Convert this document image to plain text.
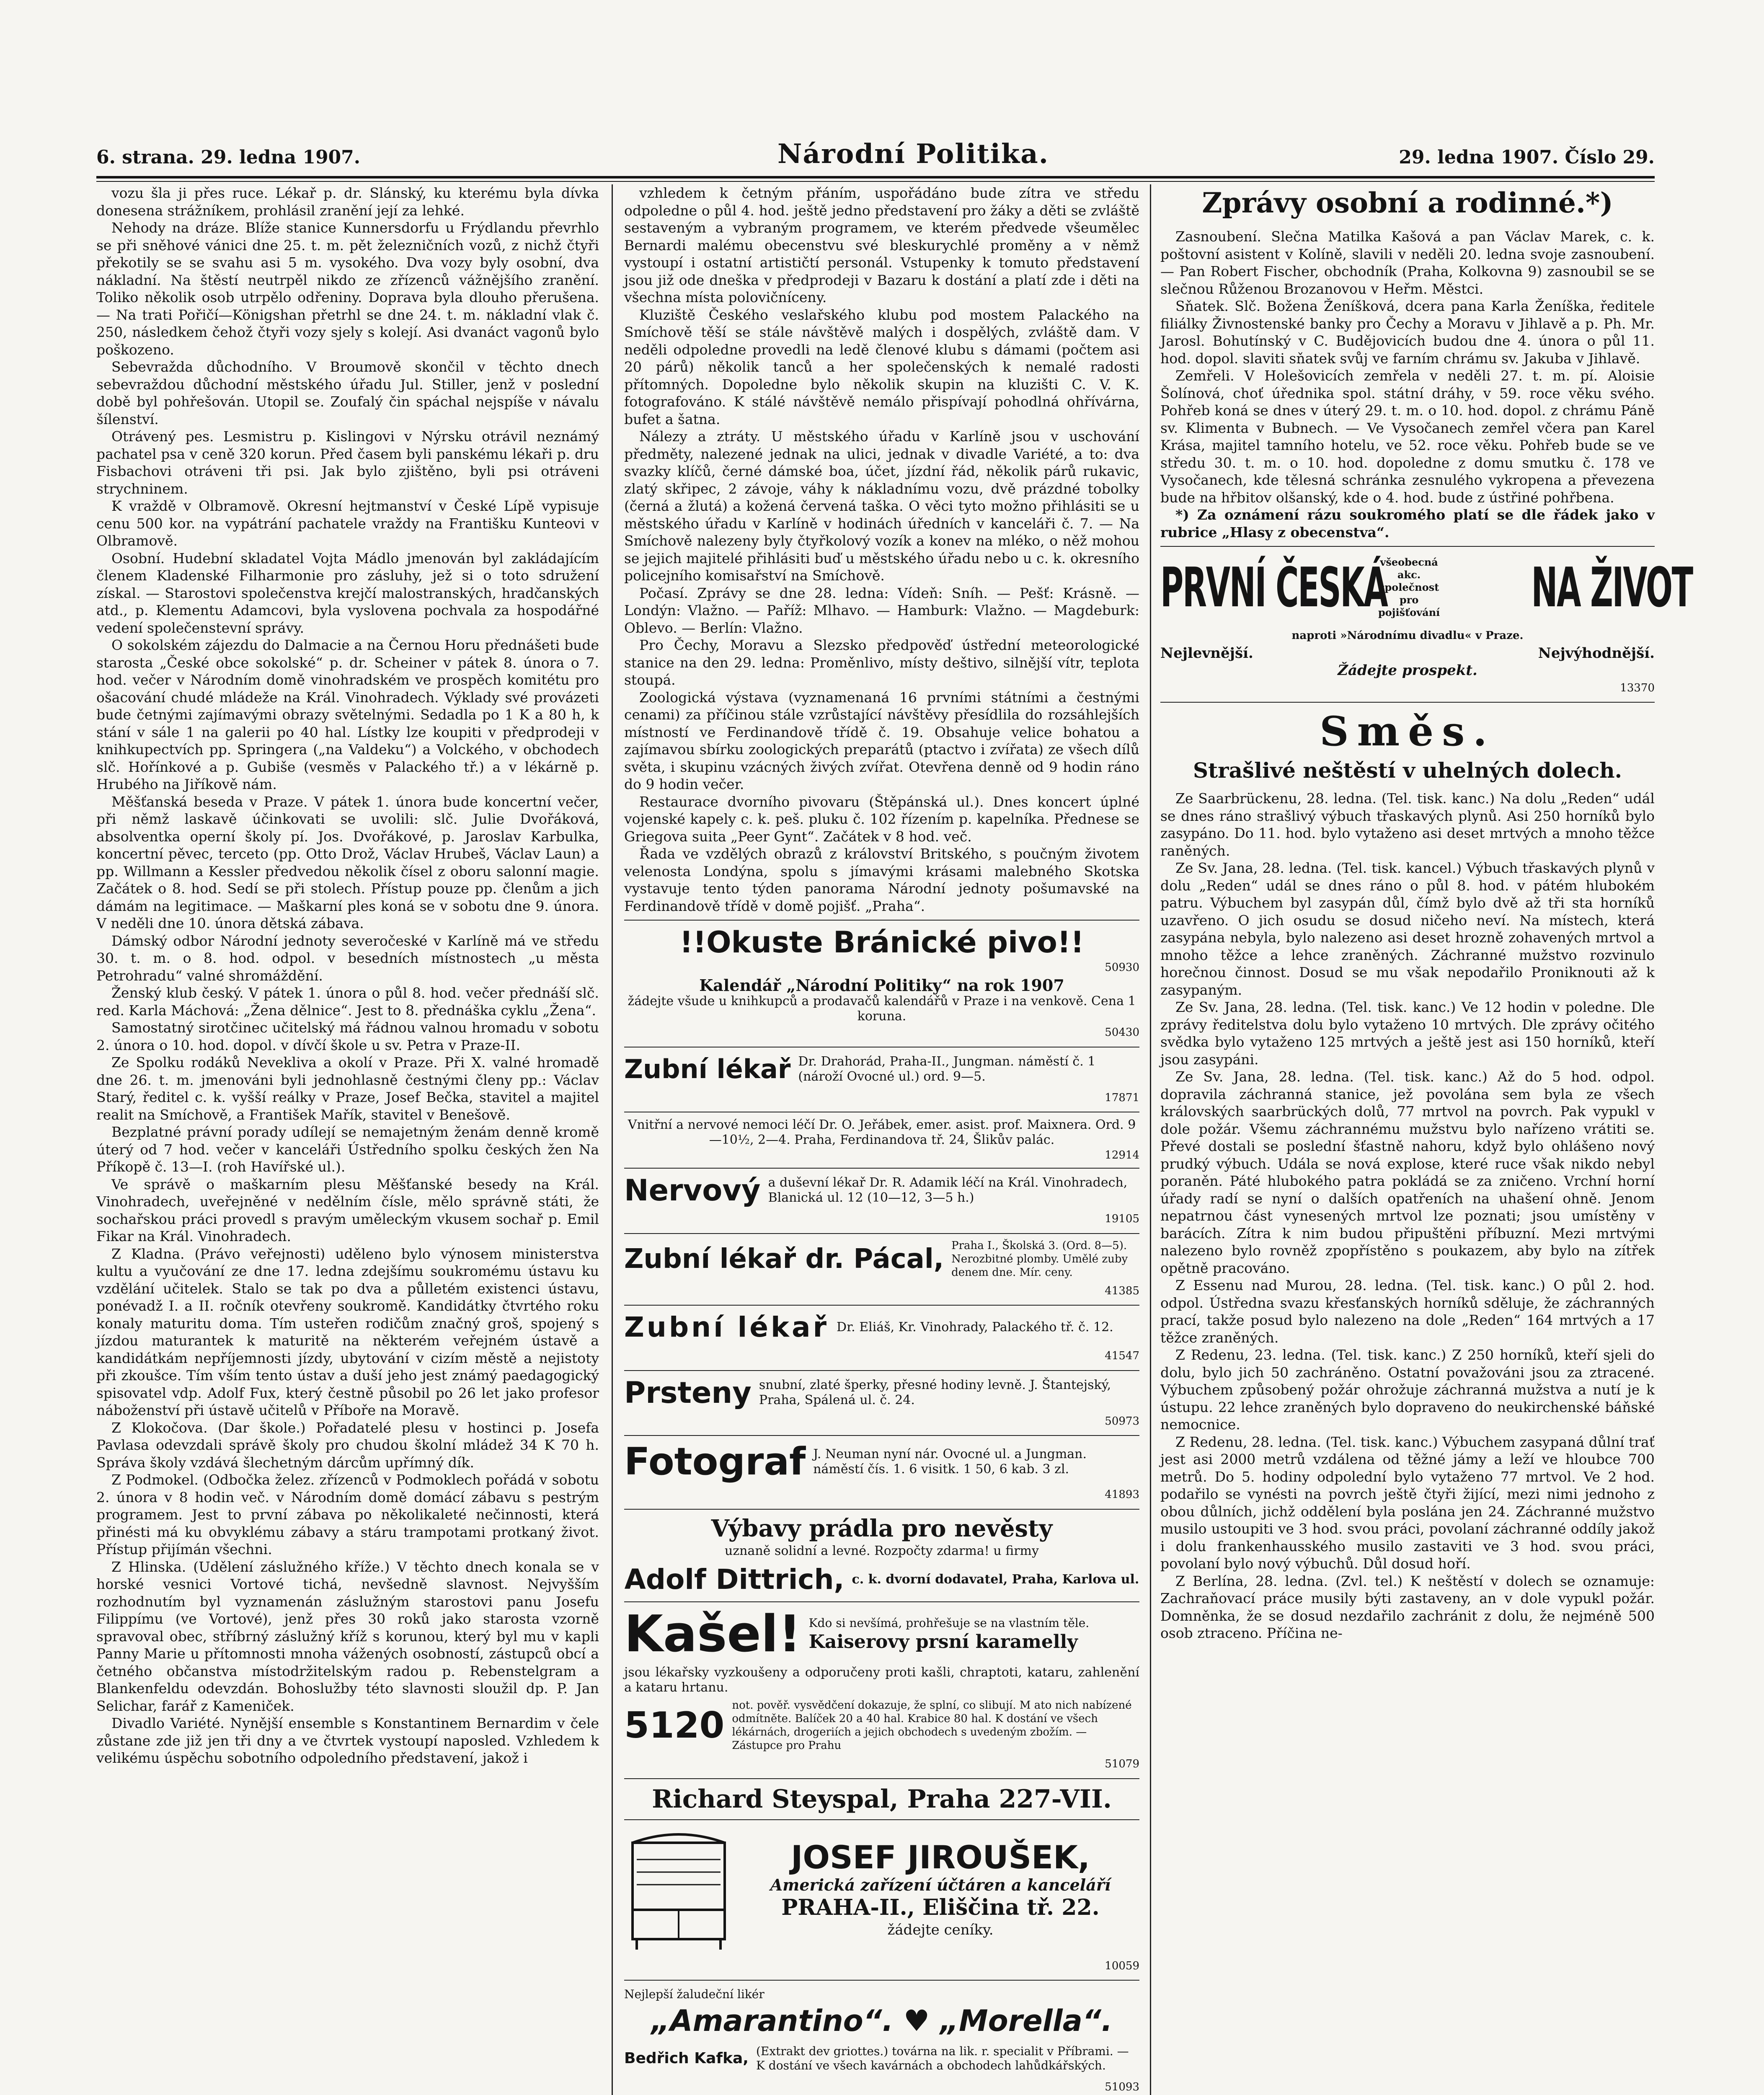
6. strana. 29. ledna 1907.	Národní Politika.	29. ledna 1907. Číslo 29.

vozu šla ji přes ruce. Lékař p. dr. Slánský, ku kterému byla dívka donesena strážníkem, prohlásil zranění její za lehké.

Nehody na dráze. Blíže stanice Kunnersdorfu u Frýdlandu převrhlo se při sněhové vánici dne 25. t. m. pět železničních vozů, z nichž čtyři překotily se se svahu asi 5 m. vysokého. Dva vozy byly osobní, dva nákladní. Na štěstí neutrpěl nikdo ze zřízenců vážnějšího zranění. Toliko několik osob utrpělo odřeniny. Doprava byla dlouho přerušena. — Na trati Pořičí—Königshan přetrhl se dne 24. t. m. nákladní vlak č. 250, následkem čehož čtyři vozy sjely s kolejí. Asi dvanáct vagonů bylo poškozeno.

Sebevražda důchodního. V Broumově skončil v těchto dnech sebevraždou důchodní městského úřadu Jul. Stiller, jenž v poslední době byl pohřešován. Utopil se. Zoufalý čin spáchal nejspíše v návalu šílenství.

Otrávený pes. Lesmistru p. Kislingovi v Nýrsku otrávil neznámý pachatel psa v ceně 320 korun. Před časem byli panskému lékaři p. dru Fisbachovi otráveni tři psi. Jak bylo zjištěno, byli psi otráveni strychninem.

K vraždě v Olbramově. Okresní hejtmanství v České Lípě vypisuje cenu 500 kor. na vypátrání pachatele vraždy na Františku Kunteovi v Olbramově.

Osobní. Hudební skladatel Vojta Mádlo jmenován byl zakládajícím členem Kladenské Filharmonie pro zásluhy, jež si o toto sdružení získal. — Starostovi společenstva krejčí malostranských, hradčanských atd., p. Klementu Adamcovi, byla vyslovena pochvala za hospodářné vedení společenstevní správy.

O sokolském zájezdu do Dalmacie a na Černou Horu přednášeti bude starosta „České obce sokolské“ p. dr. Scheiner v pátek 8. února o 7. hod. večer v Národním domě vinohradském ve prospěch komitétu pro ošacování chudé mládeže na Král. Vinohradech. Výklady své provázeti bude četnými zajímavými obrazy světelnými. Sedadla po 1 K a 80 h, k stání v sále 1 na galerii po 40 hal. Lístky lze koupiti v předprodeji v knihkupectvích pp. Springera („na Valdeku“) a Volckého, v obchodech slč. Hořínkové a p. Gubiše (vesměs v Palackého tř.) a v lékárně p. Hrubého na Jiříkově nám.

Měšťanská beseda v Praze. V pátek 1. února bude koncertní večer, při němž laskavě účinkovati se uvolili: slč. Julie Dvořáková, absolventka operní školy pí. Jos. Dvořákové, p. Jaroslav Karbulka, koncertní pěvec, terceto (pp. Otto Drož, Václav Hrubeš, Václav Laun) a pp. Willmann a Kessler předvedou několik čísel z oboru salonní magie. Začátek o 8. hod. Sedí se při stolech. Přístup pouze pp. členům a jich dámám na legitimace. — Maškarní ples koná se v sobotu dne 9. února. V neděli dne 10. února dětská zábava.

Dámský odbor Národní jednoty severočeské v Karlíně má ve středu 30. t. m. o 8. hod. odpol. v besedních místnostech „u města Petrohradu“ valné shromáždění.

Ženský klub český. V pátek 1. února o půl 8. hod. večer přednáší slč. red. Karla Máchová: „Žena dělnice“. Jest to 8. přednáška cyklu „Žena“.

Samostatný sirotčinec učitelský má řádnou valnou hromadu v sobotu 2. února o 10. hod. dopol. v dívčí škole u sv. Petra v Praze-II.

Ze Spolku rodáků Nevekliva a okolí v Praze. Při X. valné hromadě dne 26. t. m. jmenováni byli jednohlasně čestnými členy pp.: Václav Starý, ředitel c. k. vyšší reálky v Praze, Josef Bečka, stavitel a majitel realit na Smíchově, a František Mařík, stavitel v Benešově.

Bezplatné právní porady udílejí se nemajetným ženám denně kromě úterý od 7 hod. večer v kanceláři Ústředního spolku českých žen Na Příkopě č. 13—I. (roh Havířské ul.).

Ve správě o maškarním plesu Měšťanské besedy na Král. Vinohradech, uveřejněné v nedělním čísle, mělo správně státi, že sochařskou práci provedl s pravým uměleckým vkusem sochař p. Emil Fikar na Král. Vinohradech.

Z Kladna. (Právo veřejnosti) uděleno bylo výnosem ministerstva kultu a vyučování ze dne 17. ledna zdejšímu soukromému ústavu ku vzdělání učitelek. Stalo se tak po dva a půlletém existenci ústavu, ponévadž I. a II. ročník otevřeny soukromě. Kandidátky čtvrtého roku konaly maturitu doma. Tím usteřen rodičům značný groš, spojený s jízdou maturantek k maturitě na některém veřejném ústavě a kandidátkám nepříjemnosti jízdy, ubytování v cizím městě a nejistoty při zkoušce. Tím vším tento ústav a duší jeho jest známý paedagogický spisovatel vdp. Adolf Fux, který čestně působil po 26 let jako profesor náboženství při ústavě učitelů v Příboře na Moravě.

Z Klokočova. (Dar škole.) Pořadatelé plesu v hostinci p. Josefa Pavlasa odevzdali správě školy pro chudou školní mládež 34 K 70 h. Správa školy vzdává šlechetným dárcům upřímný dík.

Z Podmokel. (Odbočka želez. zřízenců v Podmoklech pořádá v sobotu 2. února v 8 hodin več. v Národním domě domácí zábavu s pestrým programem. Jest to první zábava po několikaleté nečinnosti, která přinésti má ku obvyklému zábavy a stáru trampotami protkaný život. Přístup přijímán všechni.

Z Hlinska. (Udělení záslužného kříže.) V těchto dnech konala se v horské vesnici Vortové tichá, nevšedně slavnost. Nejvyšším rozhodnutím byl vyznamenán záslužným starostovi panu Josefu Filippímu (ve Vortové), jenž přes 30 roků jako starosta vzorně spravoval obec, stříbrný záslužný kříž s korunou, který byl mu v kapli Panny Marie u přítomnosti mnoha vážených osobností, zástupců obcí a četného občanstva místodržitelským radou p. Rebenstelgram a Blankenfeldu odevzdán. Bohoslužby této slavnosti sloužil dp. P. Jan Selichar, farář z Kameniček.

Divadlo Variété. Nynější ensemble s Konstantinem Bernardim v čele zůstane zde již jen tři dny a ve čtvrtek vystoupí naposled. Vzhledem k velikému úspěchu sobotního odpoledního představení, jakož i

vzhledem k četným přáním, uspořádáno bude zítra ve středu odpoledne o půl 4. hod. ještě jedno představení pro žáky a děti se zvláště sestaveným a vybraným programem, ve kterém předvede všeumělec Bernardi malému obecenstvu své bleskurychlé proměny a v němž vystoupí i ostatní artističtí personál. Vstupenky k tomuto představení jsou již ode dneška v předprodeji v Bazaru k dostání a platí zde i děti na všechna místa polovičníceny.

Kluziště Českého veslařského klubu pod mostem Palackého na Smíchově těší se stále návštěvě malých i dospělých, zvláště dam. V neděli odpoledne provedli na ledě členové klubu s dámami (počtem asi 20 párů) několik tanců a her společenských k nemalé radosti přítomných. Dopoledne bylo několik skupin na kluzišti C. V. K. fotografováno. K stálé návštěvě nemálo přispívají pohodlná ohřívárna, bufet a šatna.

Nálezy a ztráty. U městského úřadu v Karlíně jsou v uschování předměty, nalezené jednak na ulici, jednak v divadle Variété, a to: dva svazky klíčů, černé dámské boa, účet, jízdní řád, několik párů rukavic, zlatý skřipec, 2 závoje, váhy k nákladnímu vozu, dvě prázdné tobolky (černá a žlutá) a kožená červená taška. O věci tyto možno přihlásiti se u městského úřadu v Karlíně v hodinách úředních v kanceláři č. 7. — Na Smíchově nalezeny byly čtyřkolový vozík a konev na mléko, o něž mohou se jejich majitelé přihlásiti buď u městského úřadu nebo u c. k. okresního policejního komisařství na Smíchově.

Počasí. Zprávy se dne 28. ledna: Vídeň: Sníh. — Pešť: Krásně. — Londýn: Vlažno. — Paříž: Mlhavo. — Hamburk: Vlažno. — Magdeburk: Oblevo. — Berlín: Vlažno.

Pro Čechy, Moravu a Slezsko předpověď ústřední meteorologické stanice na den 29. ledna: Proměnlivo, místy deštivo, silnější vítr, teplota stoupá.

Zoologická výstava (vyznamenaná 16 prvními státními a čestnými cenami) za příčinou stále vzrůstající návštěvy přesídlila do rozsáhlejších místností ve Ferdinandově třídě č. 19. Obsahuje velice bohatou a zajímavou sbírku zoologických preparátů (ptactvo i zvířata) ze všech dílů světa, i skupinu vzácných živých zvířat. Otevřena denně od 9 hodin ráno do 9 hodin večer.

Restaurace dvorního pivovaru (Štěpánská ul.). Dnes koncert úplné vojenské kapely c. k. peš. pluku č. 102 řízením p. kapelníka. Přednese se Griegova suita „Peer Gynt“. Začátek v 8 hod. več.

Řada ve vzdělých obrazů z království Britského, s poučným životem velenosta Londýna, spolu s jímavými krásami malebného Skotska vystavuje tento týden panorama Národní jednoty pošumavské na Ferdinandově třídě v domě pojišť. „Praha“.

!!Okuste Bránické pivo!!
50930
Kalendář „Národní Politiky“ na rok 1907
žádejte všude u knihkupců a prodavačů kalendářů v Praze i na venkově. Cena 1 koruna.
50430
Zubní lékař Dr. Drahorád, Praha-II., Jungman. náměstí č. 1 (nároží Ovocné ul.) ord. 9—5.
17871
Vnitřní a nervové nemoci léčí Dr. O. Jeřábek, emer. asist. prof. Maixnera. Ord. 9—10½, 2—4. Praha, Ferdinandova tř. 24, Šlikův palác.
12914
Nervový a duševní lékař Dr. R. Adamik léčí na Král. Vinohradech, Blanická ul. 12 (10—12, 3—5 h.)
19105
Zubní lékař dr. Pácal, Praha I., Školská 3. (Ord. 8—5). Nerozbitné plomby. Umělé zuby denem dne. Mír. ceny.
41385
Zubní lékař Dr. Eliáš, Kr. Vinohrady, Palackého tř. č. 12.
41547
Prsteny snubní, zlaté šperky, přesné hodiny levně. J. Štantejský, Praha, Spálená ul. č. 24.
50973
Fotograf J. Neuman nyní nár. Ovocné ul. a Jungman. náměstí čís. 1. 6 visitk. 1 50, 6 kab. 3 zl.
41893
Výbavy prádla pro nevěsty
uznaně solidní a levné. Rozpočty zdarma! u firmy
Adolf Dittrich, c. k. dvorní dodavatel, Praha, Karlova ul.
Kašel! Kdo si nevšímá, prohřešuje se na vlastním těle.
Kaiserovy prsní karamelly
jsou lékařsky vyzkoušeny a odporučeny proti kašli, chraptoti, kataru, zahlenění a kataru hrtanu.
5120 not. pověř. vysvědčení dokazuje, že splní, co slibují. M ato nich nabízené odmítněte. Balíček 20 a 40 hal. Krabice 80 hal. K dostání ve všech lékárnách, drogeriích a jejich obchodech s uvedeným zbožím. — Zástupce pro Prahu
51079
Richard Steyspal, Praha 227-VII.
JOSEF JIROUŠEK,
Americká zařízení účtáren a kanceláří
PRAHA-II., Eliščina tř. 22.
žádejte ceníky.
10059
Nejlepší žaludeční likér
„Amarantino“. ♥ „Morella“.
Bedřich Kafka, (Extrakt dev griottes.) továrna na lik. r. specialit v Příbrami. — K dostání ve všech kavárnách a obchodech lahůdkářských.
51093
Zprávy osobní a rodinné.*)

Zasnoubení. Slečna Matilka Kašová a pan Václav Marek, c. k. poštovní asistent v Kolíně, slavili v neděli 20. ledna svoje zasnoubení. — Pan Robert Fischer, obchodník (Praha, Kolkovna 9) zasnoubil se se slečnou Růženou Brozanovou v Heřm. Městci.

Sňatek. Slč. Božena Ženíšková, dcera pana Karla Ženíška, ředitele filiálky Živnostenské banky pro Čechy a Moravu v Jihlavě a p. Ph. Mr. Jarosl. Bohutínský v C. Budějovicích budou dne 4. února o půl 11. hod. dopol. slaviti sňatek svůj ve farním chrámu sv. Jakuba v Jihlavě.

Zemřeli. V Holešovicích zemřela v neděli 27. t. m. pí. Aloisie Šolínová, choť úřednika spol. státní dráhy, v 59. roce věku svého. Pohřeb koná se dnes v úterý 29. t. m. o 10. hod. dopol. z chrámu Páně sv. Klimenta v Bubnech. — Ve Vysočanech zemřel včera pan Karel Krása, majitel tamního hotelu, ve 52. roce věku. Pohřeb bude se ve středu 30. t. m. o 10. hod. dopoledne z domu smutku č. 178 ve Vysočanech, kde tělesná schránka zesnulého vykropena a převezena bude na hřbitov olšanský, kde o 4. hod. bude z ústřiné pohřbena.

*) Za oznámení rázu soukromého platí se dle řádek jako v rubrice „Hlasy z obecenstva“.

PRVNÍ ČESKÁ
všeobecná akc. společnost pro pojišťování NA ŽIVOT
naproti »Národnímu divadlu« v Praze.
Nejlevnější.	Nejvýhodnější.
Žádejte prospekt.
13370
Směs.
Strašlivé neštěstí v uhelných dolech.

Ze Saarbrückenu, 28. ledna. (Tel. tisk. kanc.) Na dolu „Reden“ udál se dnes ráno strašlivý výbuch třaskavých plynů. Asi 250 horníků bylo zasypáno. Do 11. hod. bylo vytaženo asi deset mrtvých a mnoho těžce raněných.

Ze Sv. Jana, 28. ledna. (Tel. tisk. kancel.) Výbuch třaskavých plynů v dolu „Reden“ udál se dnes ráno o půl 8. hod. v pátém hlubokém patru. Výbuchem byl zasypán důl, čímž bylo dvě až tři sta horníků uzavřeno. O jich osudu se dosud ničeho neví. Na místech, která zasypána nebyla, bylo nalezeno asi deset hrozně zohavených mrtvol a mnoho těžce a lehce zraněných. Záchranné mužstvo rozvinulo horečnou činnost. Dosud se mu však nepodařilo Proniknouti až k zasypaným.

Ze Sv. Jana, 28. ledna. (Tel. tisk. kanc.) Ve 12 hodin v poledne. Dle zprávy ředitelstva dolu bylo vytaženo 10 mrtvých. Dle zprávy očitého svědka bylo vytaženo 125 mrtvých a ještě jest asi 150 horníků, kteří jsou zasypáni.

Ze Sv. Jana, 28. ledna. (Tel. tisk. kanc.) Až do 5 hod. odpol. dopravila záchranná stanice, jež povolána sem byla ze všech královských saarbrückých dolů, 77 mrtvol na povrch. Pak vypukl v dole požár. Všemu záchrannému mužstvu bylo nařízeno vrátiti se. Převé dostali se poslední šťastně nahoru, když bylo ohlášeno nový prudký výbuch. Udála se nová explose, které ruce však nikdo nebyl poraněn. Páté hlubokého patra pokládá se za zničeno. Vrchní horní úřady radí se nyní o dalších opatřeních na uhašení ohně. Jenom nepatrnou část vynesených mrtvol lze poznati; jsou umístěny v barácích. Zítra k nim budou připuštěni příbuzní. Mezi mrtvými nalezeno bylo rovněž zpopřístěno s poukazem, aby bylo na zítřek opětně pracováno.

Z Essenu nad Murou, 28. ledna. (Tel. tisk. kanc.) O půl 2. hod. odpol. Ústředna svazu křesťanských horníků sděluje, že záchranných prací, takže posud bylo nalezeno na dole „Reden“ 164 mrtvých a 17 těžce zraněných.

Z Redenu, 23. ledna. (Tel. tisk. kanc.) Z 250 horníků, kteří sjeli do dolu, bylo jich 50 zachráněno. Ostatní považováni jsou za ztracené. Výbuchem způsobený požár ohrožuje záchranná mužstva a nutí je k ústupu. 22 lehce zraněných bylo dopraveno do neukirchenské báňské nemocnice.

Z Redenu, 28. ledna. (Tel. tisk. kanc.) Výbuchem zasypaná důlní trať jest asi 2000 metrů vzdálena od těžné jámy a leží ve hloubce 700 metrů. Do 5. hodiny odpolední bylo vytaženo 77 mrtvol. Ve 2 hod. podařilo se vynésti na povrch ještě čtyři žijící, mezi nimi jednoho z obou důlních, jichž oddělení byla poslána jen 24. Záchranné mužstvo musilo ustoupiti ve 3 hod. svou práci, povolaní záchranné oddíly jakož i dolu frankenhausského musilo zastaviti ve 3 hod. svou práci, povolaní bylo nový výbuchů. Důl dosud hoří.

Z Berlína, 28. ledna. (Zvl. tel.) K neštěstí v dolech se oznamuje: Zachraňovací práce musily býti zastaveny, an v dole vypukl požár. Domněnka, že se dosud nezdařilo zachránit z dolu, že nejméně 500 osob ztraceno. Příčina ne-
